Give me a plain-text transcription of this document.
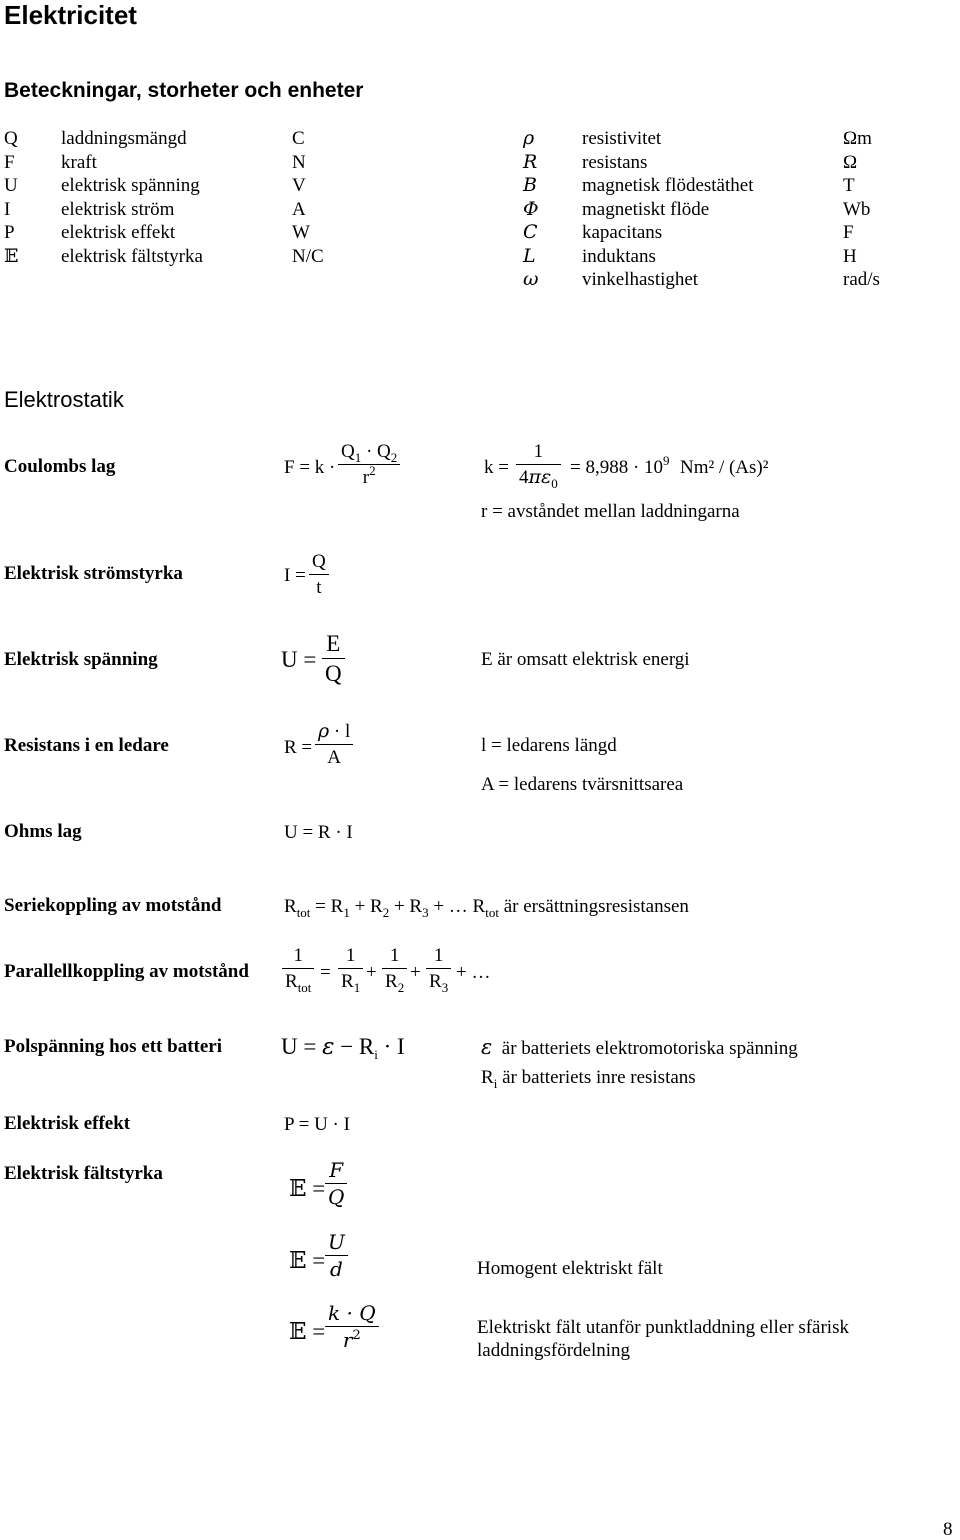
Elektricitet
Beteckningar, storheter och enheter
Q laddningsmängd	C
F kraft	N
U elektrisk spänning	V
I	elektrisk ström	A
P elektrisk effekt	W
𝔼 elektrisk fältstyrka	N/C
ρ	resistivitet	Ωm
R resistans	Ω
B magnetisk flödestäthet	T
Φ magnetiskt flöde	Wb
C kapacitans	F
L induktans	H
ω vinkelhastighet	rad/s
Elektrostatik
Coulombs lag	F = k ·
$Q_1 \cdot Q_2$
$r^2$	k =
1
$4\pi\varepsilon_0$
= $8,988 \cdot 10^9$ Nm² / (As)²
r = avståndet mellan laddningarna
Elektrisk strömstyrka	I =
Q
t
Elektrisk spänning	U =
E
Q
E är omsatt elektrisk energi
Resistans i en ledare	R =
ρ · l
A
l = ledarens längd
A = ledarens tvärsnittsarea
Ohms lag	U = R · I
Seriekoppling av motstånd	$R_{tot} = R_1 + R_2 + R_3$ + … $R_{tot}$ är ersättningsresistansen
Parallellkoppling av motstånd
1
$R_{tot}$
=
1
$R_1$
+
1
$R_2$
+
1
$R_3$
+ …
Polspänning hos ett batteri	$U = \varepsilon - R_i \cdot I$	ε är batteriets elektromotoriska spänning
$R_i$ är batteriets inre resistans
Elektrisk effekt	P = U · I
Elektrisk fältstyrka
𝔼 =
F
Q
𝔼 =
U
d	Homogent elektriskt fält
𝔼 =
k · Q
$r^2$	Elektriskt fält utanför punktladdning eller sfärisk
laddningsfördelning
8
